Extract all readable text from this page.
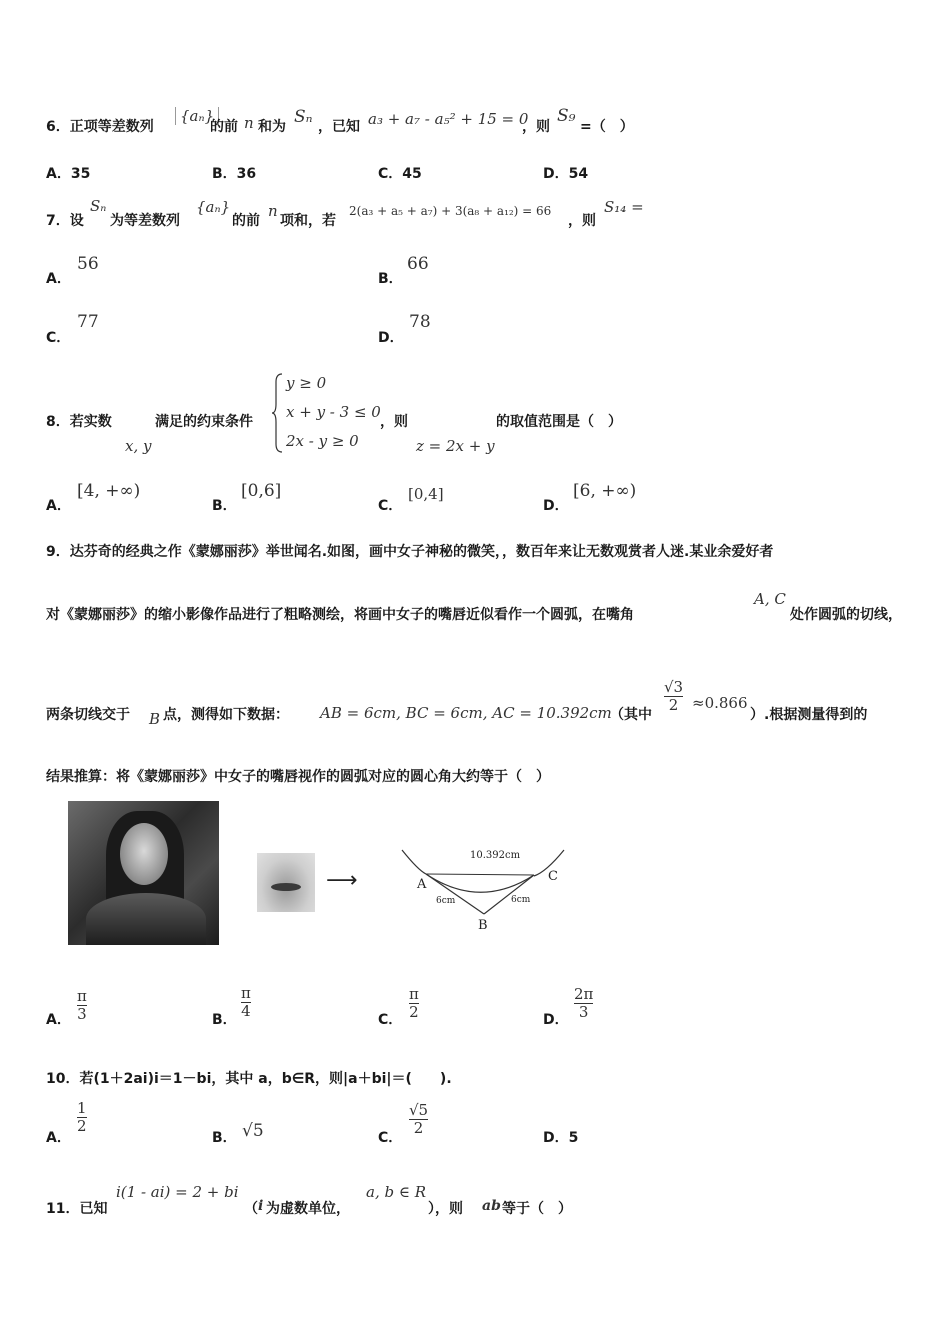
6．正项等差数列
{aₙ}
的前 n 和为 Sₙ ，已知 a₃ + a₇ - a₅² + 15 = 0
，则
S₉
=（　）
A．35	B．36	C．45	D．54
7．设
Sₙ
为等差数列
{aₙ}
的前
n
项和，若
2(a₃ + a₅ + a₇) + 3(a₈ + a₁₂) = 66
，则
S₁₄ =
A．
56
B．
66
C．
77
D．
78
8．若实数
x, y
满足的约束条件
y ≥ 0
x + y - 3 ≤ 0
2x - y ≥ 0
，则
z = 2x + y
的取值范围是（　）
A．
[4, +∞)
B．
[0,6]
C．
[0,4]
D．
[6, +∞)
9．达芬奇的经典之作《蒙娜丽莎》举世闻名.如图，画中女子神秘的微笑，，数百年来让无数观赏者人迷.某业余爱好者
对《蒙娜丽莎》的缩小影像作品进行了粗略测绘，将画中女子的嘴唇近似看作一个圆弧，在嘴角
A, C
处作圆弧的切线，
两条切线交于 B 点，测得如下数据： AB = 6cm, BC = 6cm, AC = 10.392cm
（其中
√3
2 ≈0.866
）.根据测量得到的
结果推算：将《蒙娜丽莎》中女子的嘴唇视作的圆弧对应的圆心角大约等于（　）
⟶
10.392cm
A
C
B
6cm	6cm
A．
π
3	B．
π
4	C．
π
2	D．
2π
3
10．若(1＋2ai)i＝1－bi，其中 a，b∈R，则|a＋bi|＝(　　).
A．
1
2
B． √5	C．
√5
2
D．5
11．已知
i(1 - ai) = 2 + bi
（ i 为虚数单位，
a, b ∈ R
），则 ab 等于（　）
